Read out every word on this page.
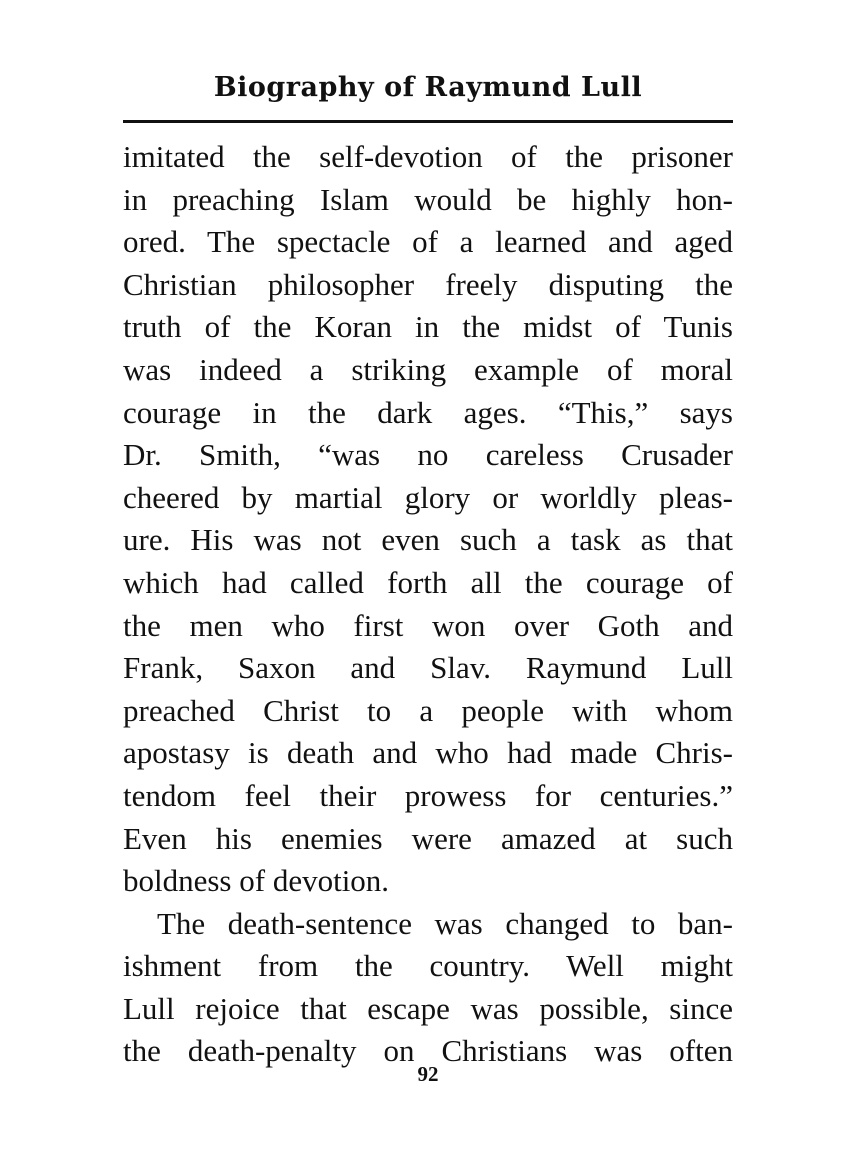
Biography of Raymund Lull
imitated the self-devotion of the prisoner
in preaching Islam would be highly hon-
ored. The spectacle of a learned and aged
Christian philosopher freely disputing the
truth of the Koran in the midst of Tunis
was indeed a striking example of moral
courage in the dark ages. “This,” says
Dr. Smith, “was no careless Crusader
cheered by martial glory or worldly pleas-
ure. His was not even such a task as that
which had called forth all the courage of
the men who first won over Goth and
Frank, Saxon and Slav. Raymund Lull
preached Christ to a people with whom
apostasy is death and who had made Chris-
tendom feel their prowess for centuries.”
Even his enemies were amazed at such
boldness of devotion.
The death-sentence was changed to ban-
ishment from the country. Well might
Lull rejoice that escape was possible, since
the death-penalty on Christians was often
92
